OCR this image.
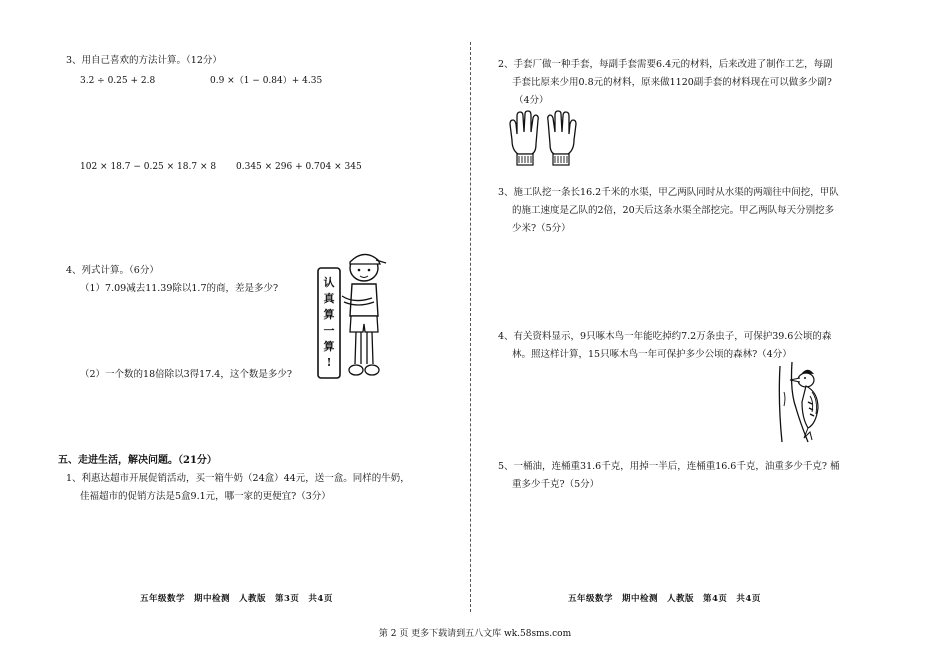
3、用自己喜欢的方法计算。（12分）
3.2 ÷ 0.25 + 2.8	0.9 ×（1 − 0.84）+ 4.35
102 × 18.7 − 0.25 × 18.7 × 8 0.345 × 296 + 0.704 × 345
4、列式计算。（6分）
（1）7.09减去11.39除以1.7的商，差是多少?
（2）一个数的18倍除以3得17.4，这个数是多少?
认
真
算
一
算
!
五、走进生活，解决问题。（21分）
1、利惠达超市开展促销活动，买一箱牛奶（24盒）44元，送一盒。同样的牛奶，
佳福超市的促销方法是5盒9.1元，哪一家的更便宜?（3分）
五年级数学　期中检测　人教版　第3页　共4页
2、手套厂做一种手套，每副手套需要6.4元的材料，后来改进了制作工艺，每副
手套比原来少用0.8元的材料，原来做1120副手套的材料现在可以做多少副?
（4分）
3、施工队挖一条长16.2千米的水渠，甲乙两队同时从水渠的两端往中间挖，甲队
的施工速度是乙队的2倍，20天后这条水渠全部挖完。甲乙两队每天分别挖多
少米?（5分）
4、有关资料显示，9只啄木鸟一年能吃掉约7.2万条虫子，可保护39.6公顷的森
林。照这样计算，15只啄木鸟一年可保护多少公顷的森林?（4分）
5、一桶油，连桶重31.6千克，用掉一半后，连桶重16.6千克，油重多少千克? 桶
重多少千克?（5分）
五年级数学　期中检测　人教版　第4页　共4页
第 2 页 更多下载请到五八文库 wk.58sms.com
